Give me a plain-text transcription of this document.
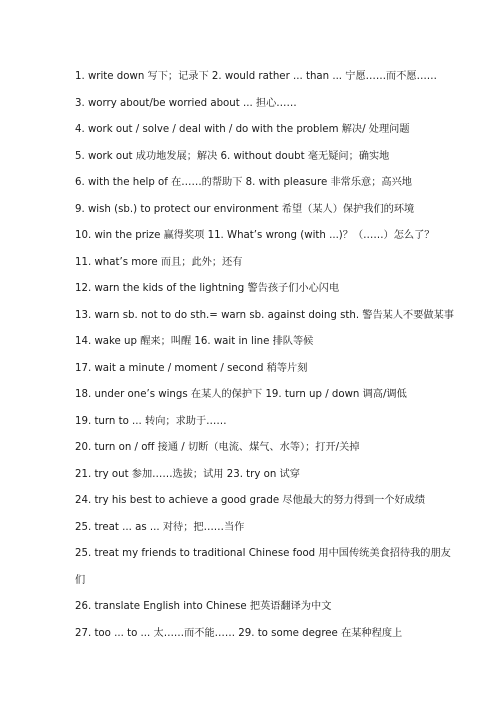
1. write down 写下；记录下 2. would rather ... than ... 宁愿……而不愿……
3. worry about/be worried about ... 担心……
4. work out / solve / deal with / do with the problem 解决/ 处理问题
5. work out 成功地发展；解决 6. without doubt 毫无疑问；确实地
6. with the help of 在……的帮助下 8. with pleasure 非常乐意；高兴地
9. wish (sb.) to protect our environment 希望（某人）保护我们的环境
10. win the prize 赢得奖项 11. What’s wrong (with ...)？（……）怎么了？
11. what’s more 而且；此外；还有
12. warn the kids of the lightning 警告孩子们小心闪电
13. warn sb. not to do sth.= warn sb. against doing sth. 警告某人不要做某事
14. wake up 醒来；叫醒 16. wait in line 排队等候
17. wait a minute / moment / second 稍等片刻
18. under one’s wings 在某人的保护下 19. turn up / down 调高/调低
19. turn to ... 转向；求助于……
20. turn on / off 接通 / 切断（电流、煤气、水等）；打开/关掉
21. try out 参加……选拔；试用 23. try on 试穿
24. try his best to achieve a good grade 尽他最大的努力得到一个好成绩
25. treat ... as ... 对待；把……当作
25. treat my friends to traditional Chinese food 用中国传统美食招待我的朋友
们
26. translate English into Chinese 把英语翻译为中文
27. too ... to ... 太……而不能…… 29. to some degree 在某种程度上
